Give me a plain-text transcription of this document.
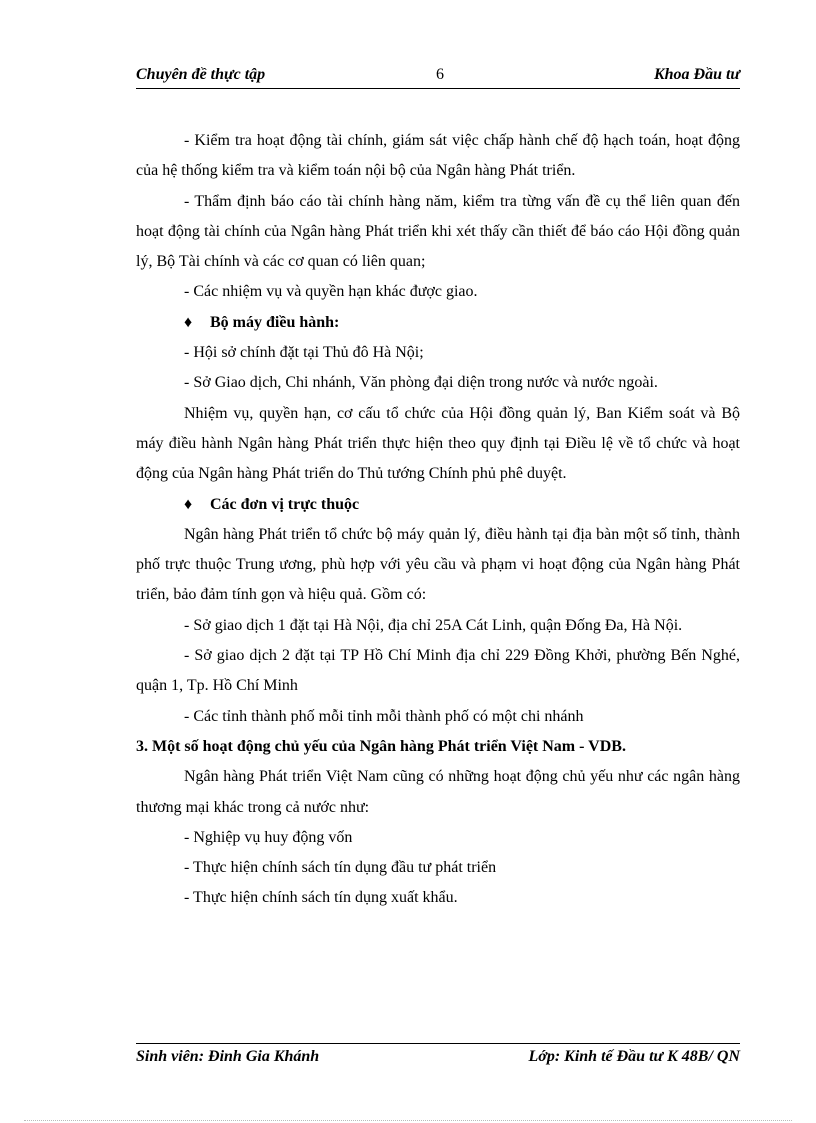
Chuyên đề thực tập	6	Khoa Đầu tư

- Kiểm tra hoạt động tài chính, giám sát việc chấp hành chế độ hạch toán, hoạt động của hệ thống kiểm tra và kiểm toán nội bộ của Ngân hàng Phát triển.

- Thẩm định báo cáo tài chính hàng năm, kiểm tra từng vấn đề cụ thể liên quan đến hoạt động tài chính của Ngân hàng Phát triển khi xét thấy cần thiết để báo cáo Hội đồng quản lý, Bộ Tài chính và các cơ quan có liên quan;

- Các nhiệm vụ và quyền hạn khác được giao.

♦ Bộ máy điều hành:

- Hội sở chính đặt tại Thủ đô Hà Nội;

- Sở Giao dịch, Chi nhánh, Văn phòng đại diện trong nước và nước ngoài.

Nhiệm vụ, quyền hạn, cơ cấu tổ chức của Hội đồng quản lý, Ban Kiểm soát và Bộ máy điều hành Ngân hàng Phát triển thực hiện theo quy định tại Điều lệ về tổ chức và hoạt động của Ngân hàng Phát triển do Thủ tướng Chính phủ phê duyệt.

♦ Các đơn vị trực thuộc

Ngân hàng Phát triển tổ chức bộ máy quản lý, điều hành tại địa bàn một số tỉnh, thành phố trực thuộc Trung ương, phù hợp với yêu cầu và phạm vi hoạt động của Ngân hàng Phát triển, bảo đảm tính gọn và hiệu quả. Gồm có:

- Sở giao dịch 1 đặt tại Hà Nội, địa chỉ 25A Cát Linh, quận Đống Đa, Hà Nội.

- Sở giao dịch 2 đặt tại TP Hồ Chí Minh địa chỉ 229 Đồng Khởi, phường Bến Nghé, quận 1, Tp. Hồ Chí Minh

- Các tỉnh thành phố mỗi tỉnh mỗi thành phố có một chi nhánh

3. Một số hoạt động chủ yếu của Ngân hàng Phát triển Việt Nam - VDB.

Ngân hàng Phát triển Việt Nam cũng có những hoạt động chủ yếu như các ngân hàng thương mại khác trong cả nước như:

- Nghiệp vụ huy động vốn

- Thực hiện chính sách tín dụng đầu tư phát triển

- Thực hiện chính sách tín dụng xuất khẩu.

Sinh viên: Đinh Gia Khánh	Lớp: Kinh tế Đầu tư K 48B/ QN
